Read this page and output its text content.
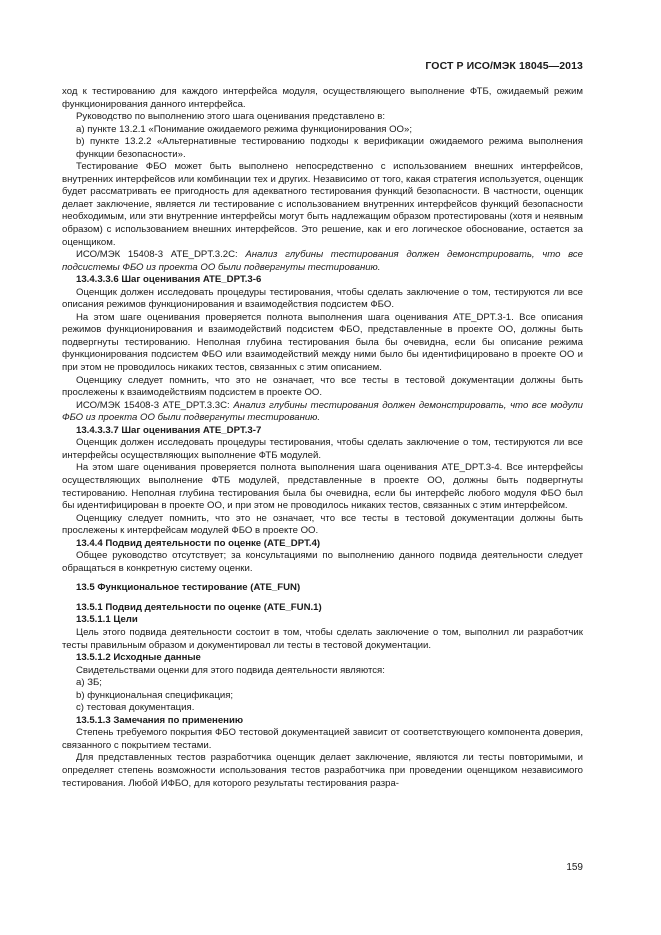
ГОСТ Р ИСО/МЭК 18045—2013
ход к тестированию для каждого интерфейса модуля, осуществляющего выполнение ФТБ, ожидаемый режим функционирования данного интерфейса.
Руководство по выполнению этого шага оценивания представлено в:
а) пункте 13.2.1 «Понимание ожидаемого режима функционирования ОО»;
b) пункте 13.2.2 «Альтернативные тестированию подходы к верификации ожидаемого режима выполнения функции безопасности».
Тестирование ФБО может быть выполнено непосредственно с использованием внешних интерфейсов, внутренних интерфейсов или комбинации тех и других. Независимо от того, какая стратегия используется, оценщик будет рассматривать ее пригодность для адекватного тестирования функций безопасности. В частности, оценщик делает заключение, является ли тестирование с использованием внутренних интерфейсов функций безопасности необходимым, или эти внутренние интерфейсы могут быть надлежащим образом протестированы (хотя и неявным образом) с использованием внешних интерфейсов. Это решение, как и его логическое обоснование, остается за оценщиком.
ИСО/МЭК 15408-3 ATE_DPT.3.2C: Анализ глубины тестирования должен демонстрировать, что все подсистемы ФБО из проекта ОО были подвергнуты тестированию.
13.4.3.3.6 Шаг оценивания ATE_DPT.3-6
Оценщик должен исследовать процедуры тестирования, чтобы сделать заключение о том, тестируются ли все описания режимов функционирования и взаимодействия подсистем ФБО.
На этом шаге оценивания проверяется полнота выполнения шага оценивания ATE_DPT.3-1. Все описания режимов функционирования и взаимодействий подсистем ФБО, представленные в проекте ОО, должны быть подвергнуты тестированию. Неполная глубина тестирования была бы очевидна, если бы описание режима функционирования подсистем ФБО или взаимодействий между ними было бы идентифицировано в проекте ОО и при этом не проводилось никаких тестов, связанных с этим описанием.
Оценщику следует помнить, что это не означает, что все тесты в тестовой документации должны быть прослежены к взаимодействиям подсистем в проекте ОО.
ИСО/МЭК 15408-3 ATE_DPT.3.3C: Анализ глубины тестирования должен демонстрировать, что все модули ФБО из проекта ОО были подвергнуты тестированию.
13.4.3.3.7 Шаг оценивания ATE_DPT.3-7
Оценщик должен исследовать процедуры тестирования, чтобы сделать заключение о том, тестируются ли все интерфейсы осуществляющих выполнение ФТБ модулей.
На этом шаге оценивания проверяется полнота выполнения шага оценивания ATE_DPT.3-4. Все интерфейсы осуществляющих выполнение ФТБ модулей, представленные в проекте ОО, должны быть подвергнуты тестированию. Неполная глубина тестирования была бы очевидна, если бы интерфейс любого модуля ФБО был бы идентифицирован в проекте ОО, и при этом не проводилось никаких тестов, связанных с этим интерфейсом.
Оценщику следует помнить, что это не означает, что все тесты в тестовой документации должны быть прослежены к интерфейсам модулей ФБО в проекте ОО.
13.4.4 Подвид деятельности по оценке (ATE_DPT.4)
Общее руководство отсутствует; за консультациями по выполнению данного подвида деятельности следует обращаться в конкретную систему оценки.
13.5 Функциональное тестирование (ATE_FUN)
13.5.1 Подвид деятельности по оценке (ATE_FUN.1)
13.5.1.1 Цели
Цель этого подвида деятельности состоит в том, чтобы сделать заключение о том, выполнил ли разработчик тесты правильным образом и документировал ли тесты в тестовой документации.
13.5.1.2 Исходные данные
Свидетельствами оценки для этого подвида деятельности являются:
а) ЗБ;
b) функциональная спецификация;
c) тестовая документация.
13.5.1.3 Замечания по применению
Степень требуемого покрытия ФБО тестовой документацией зависит от соответствующего компонента доверия, связанного с покрытием тестами.
Для представленных тестов разработчика оценщик делает заключение, являются ли тесты повторимыми, и определяет степень возможности использования тестов разработчика при проведении оценщиком независимого тестирования. Любой ИФБО, для которого результаты тестирования разра-
159
